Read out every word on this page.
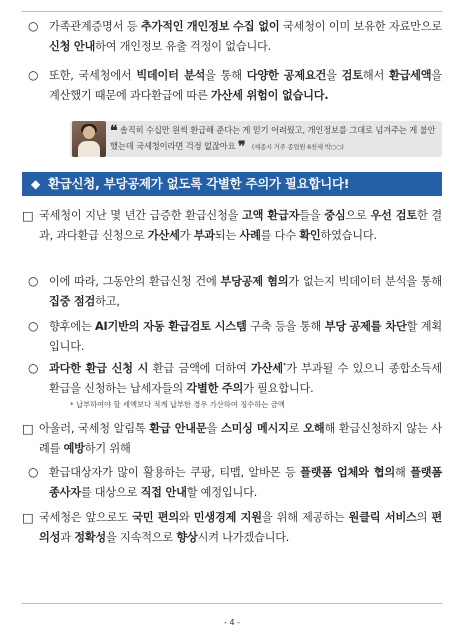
○ 가족관계증명서 등 추가적인 개인정보 수집 없이 국세청이 이미 보유한 자료만으로 신청 안내하여 개인정보 유출 걱정이 없습니다.
○ 또한, 국세청에서 빅데이터 분석을 통해 다양한 공제요건을 검토해서 환급세액을 계산했기 때문에 과다환급에 따른 가산세 위험이 없습니다.
❝ 솔직히 수십만 원씩 환급해 준다는 게 믿기 어려웠고, 개인정보를 그대로 넘겨주는 게 불안했는데 국세청이라면 걱정 없잖아요 ❞ (세종시 거주 종업원 6천세 박○○)
◆ 환급신청, 부당공제가 없도록 각별한 주의가 필요합니다!
□ 국세청이 지난 몇 년간 급증한 환급신청을 고액 환급자들을 중심으로 우선 검토한 결과, 과다환급 신청으로 가산세가 부과되는 사례를 다수 확인하였습니다.
○ 이에 따라, 그동안의 환급신청 건에 부당공제 혐의가 없는지 빅데이터 분석을 통해 집중 점검하고,
○ 향후에는 AI기반의 자동 환급검토 시스템 구축 등을 통해 부당 공제를 차단할 계획입니다.
○ 과다한 환급 신청 시 환급 금액에 더하여 가산세*가 부과될 수 있으니 종합소득세 환급을 신청하는 납세자들의 각별한 주의가 필요합니다.
* 납부하여야 할 세액보다 적게 납부한 경우 가산하여 징수하는 금액
□ 아울러, 국세청 알림톡 환급 안내문을 스미싱 메시지로 오해해 환급신청하지 않는 사례를 예방하기 위해
○ 환급대상자가 많이 활용하는 쿠팡, 티맵, 알바몬 등 플랫폼 업체와 협의해 플랫폼 종사자를 대상으로 직접 안내할 예정입니다.
□ 국세청은 앞으로도 국민 편의와 민생경제 지원을 위해 제공하는 원클릭 서비스의 편의성과 정확성을 지속적으로 향상시켜 나가겠습니다.
- 4 -
